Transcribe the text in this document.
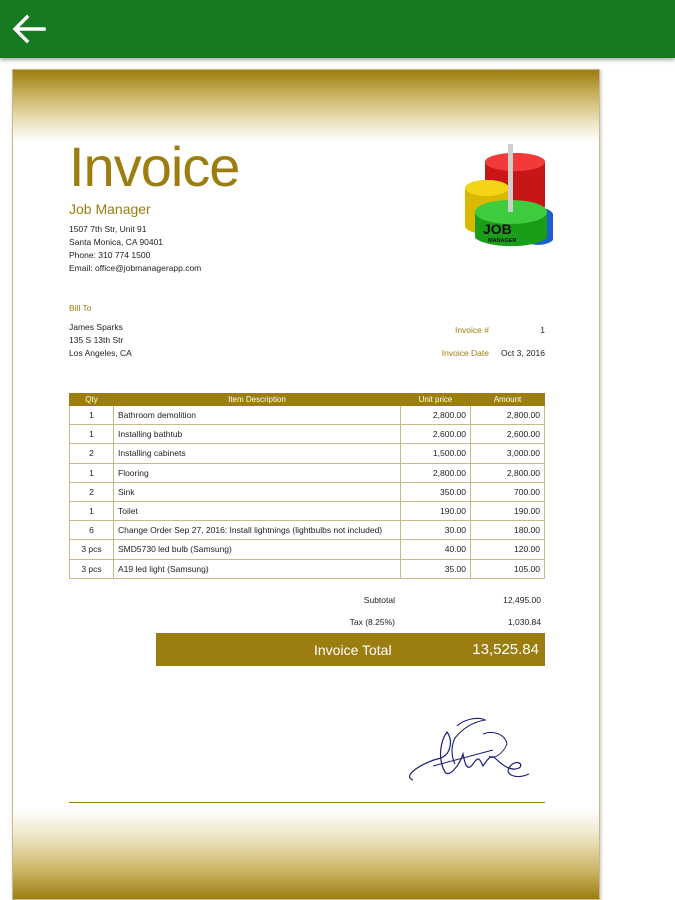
Invoice
Job Manager
1507 7th Str, Unit 91
Santa Monica, CA 90401
Phone: 310 774 1500
Email: office@jobmanagerapp.com
JOB
MANAGER
Bill To
James Sparks
135 S 13th Str
Los Angeles, CA
Invoice #	1
Invoice Date	Oct 3, 2016
Qty	Item Description	Unit price	Amount
1	Bathroom demolition	2,800.00	2,800.00
1	Installing bathtub	2,600.00	2,600.00
2	Installing cabinets	1,500.00	3,000.00
1	Flooring	2,800.00	2,800.00
2	Sink	350.00	700.00
1	Toilet	190.00	190.00
6	Change Order Sep 27, 2016: Install lightnings (lightbulbs not included)	30.00	180.00
3 pcs	SMD5730 led bulb (Samsung)	40.00	120.00
3 pcs	A19 led light (Samsung)	35.00	105.00
Subtotal	12,495.00
Tax (8.25%)	1,030.84
Invoice Total	13,525.84
